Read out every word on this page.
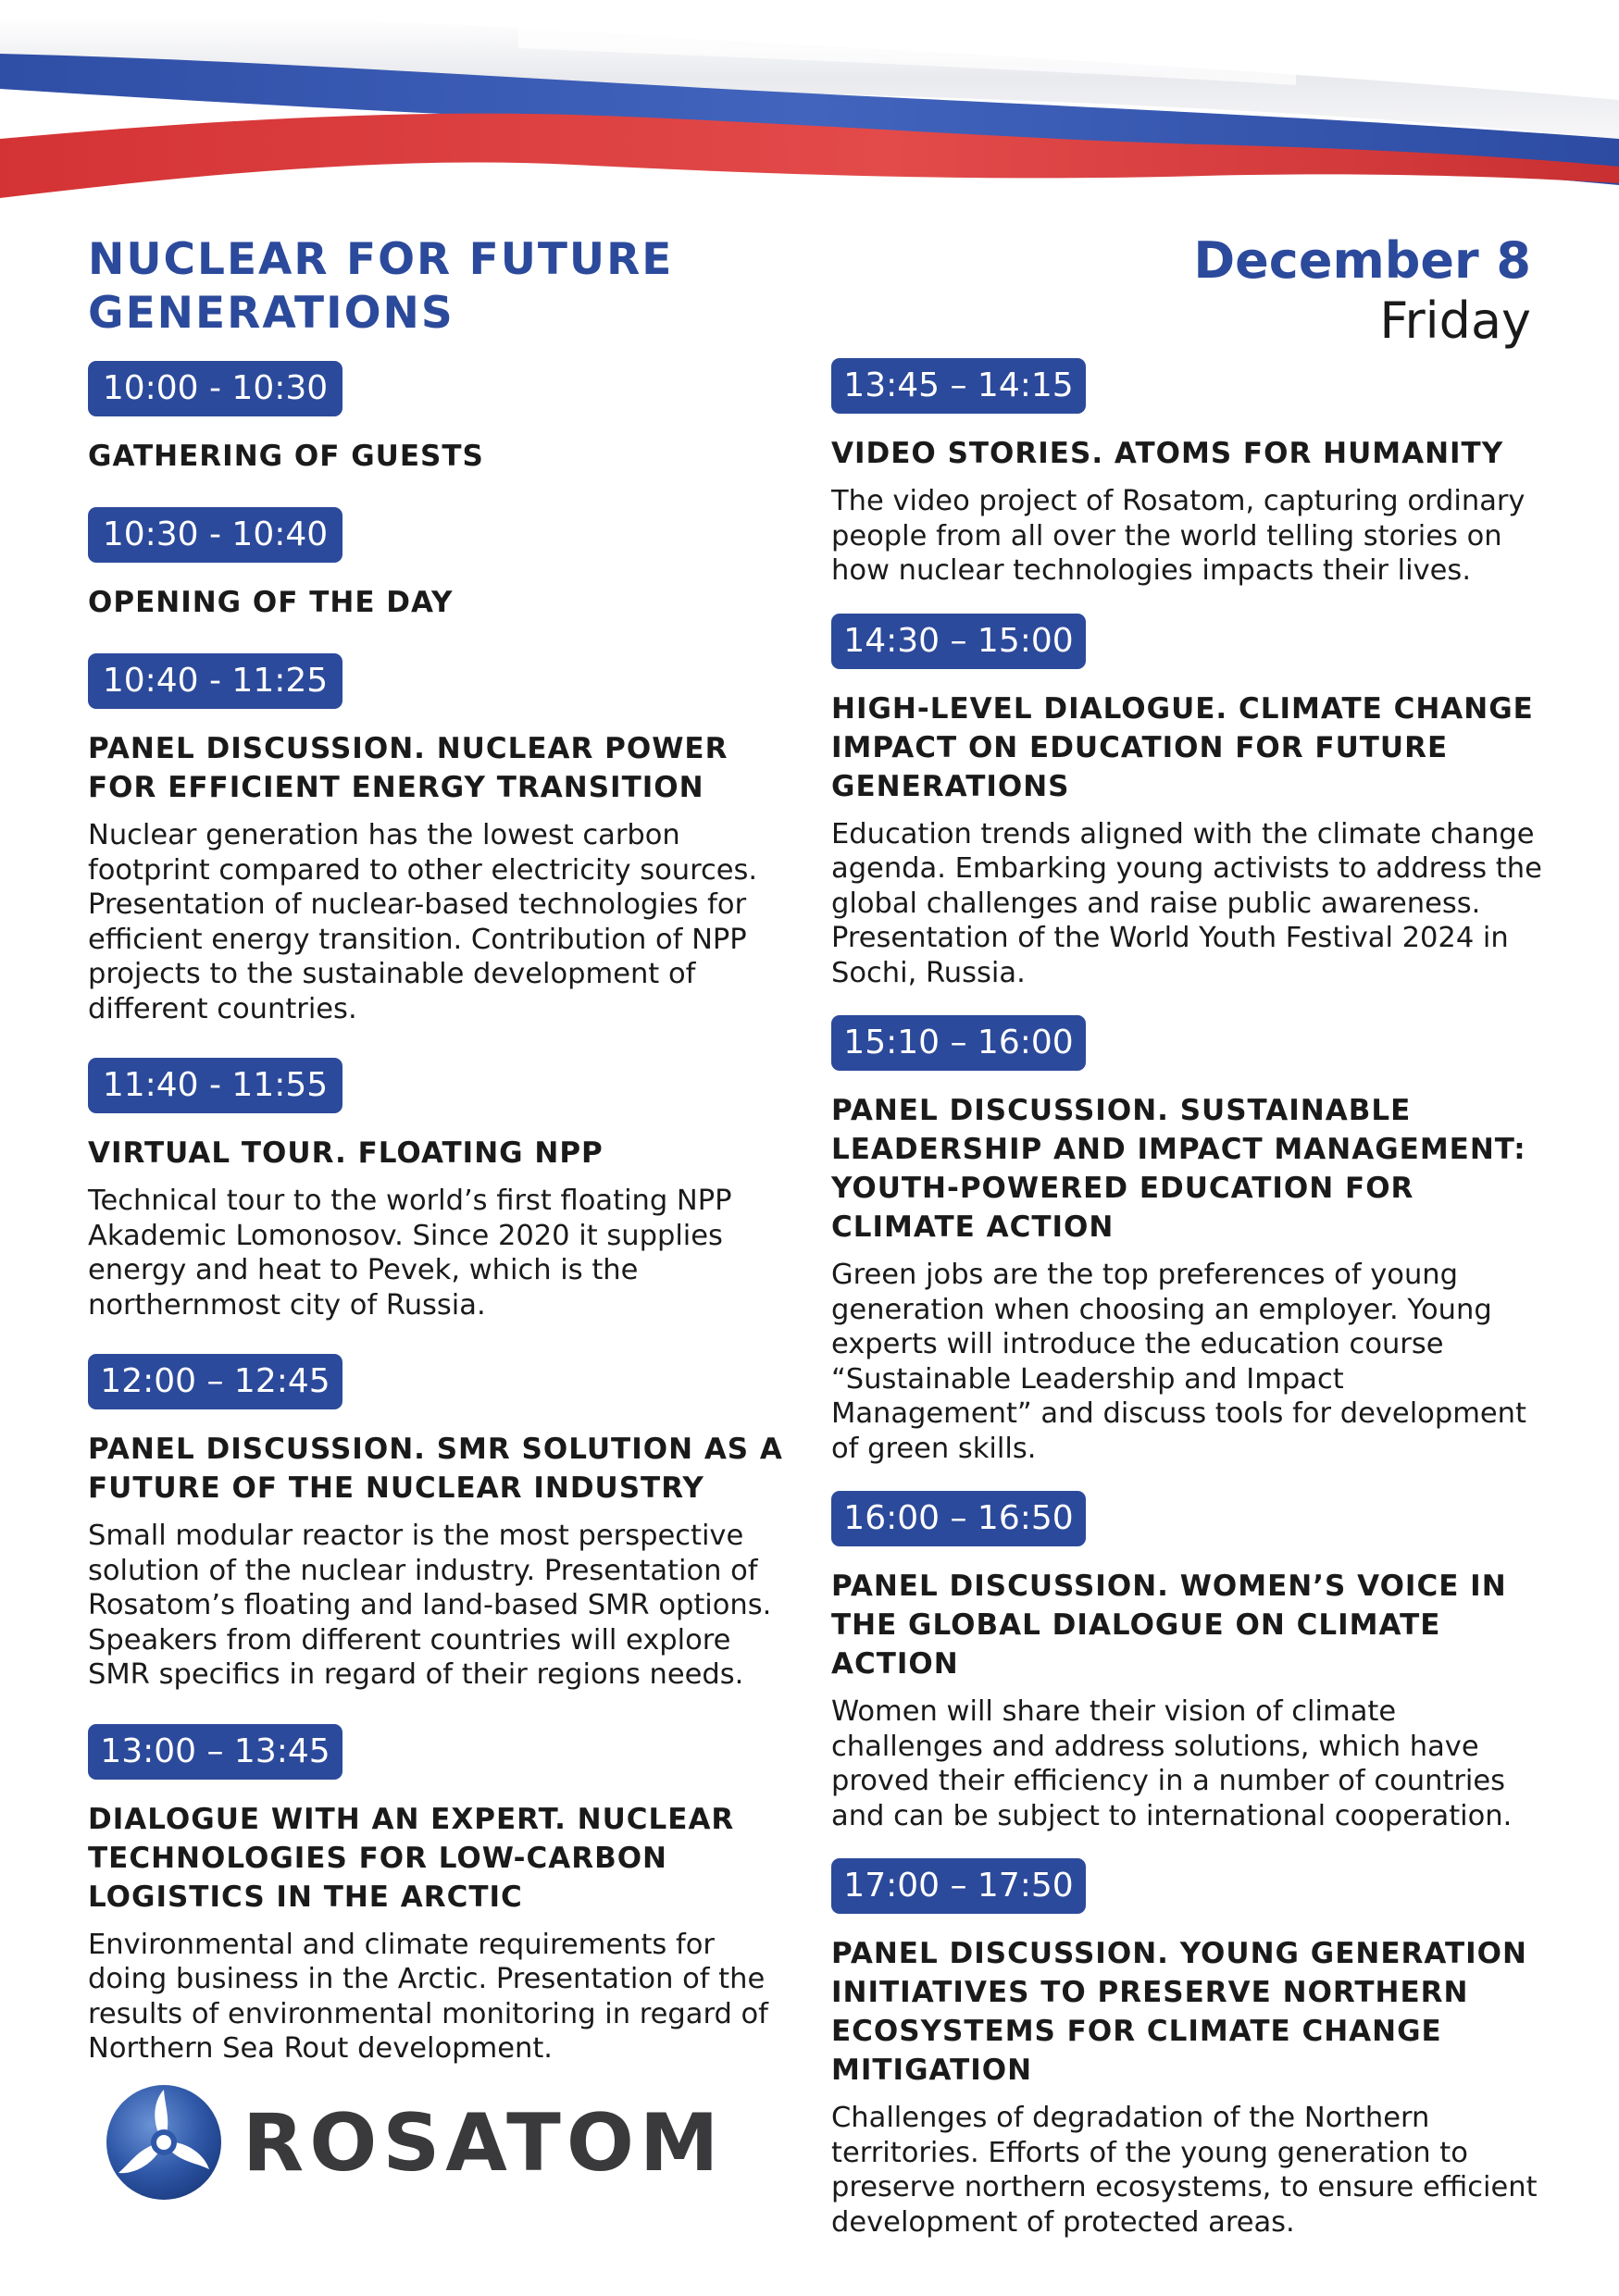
NUCLEAR FOR FUTURE GENERATIONS
December 8
Friday
10:00 - 10:30
GATHERING OF GUESTS
10:30 - 10:40
OPENING OF THE DAY
10:40 - 11:25
PANEL DISCUSSION. NUCLEAR POWER FOR EFFICIENT ENERGY TRANSITION
Nuclear generation has the lowest carbon footprint compared to other electricity sources. Presentation of nuclear-based technologies for efficient energy transition. Contribution of NPP projects to the sustainable development of different countries.
11:40 - 11:55
VIRTUAL TOUR. FLOATING NPP
Technical tour to the world’s first floating NPP Akademic Lomonosov. Since 2020 it supplies energy and heat to Pevek, which is the northernmost city of Russia.
12:00 – 12:45
PANEL DISCUSSION. SMR SOLUTION AS A FUTURE OF THE NUCLEAR INDUSTRY
Small modular reactor is the most perspective solution of the nuclear industry. Presentation of Rosatom’s floating and land-based SMR options. Speakers from different countries will explore SMR specifics in regard of their regions needs.
13:00 – 13:45
DIALOGUE WITH AN EXPERT. NUCLEAR TECHNOLOGIES FOR LOW-CARBON LOGISTICS IN THE ARCTIC
Environmental and climate requirements for doing business in the Arctic. Presentation of the results of environmental monitoring in regard of Northern Sea Rout development.
13:45 – 14:15
VIDEO STORIES. ATOMS FOR HUMANITY
The video project of Rosatom, capturing ordinary people from all over the world telling stories on how nuclear technologies impacts their lives.
14:30 – 15:00
HIGH-LEVEL DIALOGUE. CLIMATE CHANGE IMPACT ON EDUCATION FOR FUTURE GENERATIONS
Education trends aligned with the climate change agenda. Embarking young activists to address the global challenges and raise public awareness. Presentation of the World Youth Festival 2024 in Sochi, Russia.
15:10 – 16:00
PANEL DISCUSSION. SUSTAINABLE LEADERSHIP AND IMPACT MANAGEMENT: YOUTH-POWERED EDUCATION FOR CLIMATE ACTION
Green jobs are the top preferences of young generation when choosing an employer. Young experts will introduce the education course “Sustainable Leadership and Impact Management” and discuss tools for development of green skills.
16:00 – 16:50
PANEL DISCUSSION. WOMEN’S VOICE IN THE GLOBAL DIALOGUE ON CLIMATE ACTION
Women will share their vision of climate challenges and address solutions, which have proved their efficiency in a number of countries and can be subject to international cooperation.
17:00 – 17:50
PANEL DISCUSSION. YOUNG GENERATION INITIATIVES TO PRESERVE NORTHERN ECOSYSTEMS FOR CLIMATE CHANGE MITIGATION
Challenges of degradation of the Northern territories. Efforts of the young generation to preserve northern ecosystems, to ensure efficient development of protected areas.
ROSATOM
